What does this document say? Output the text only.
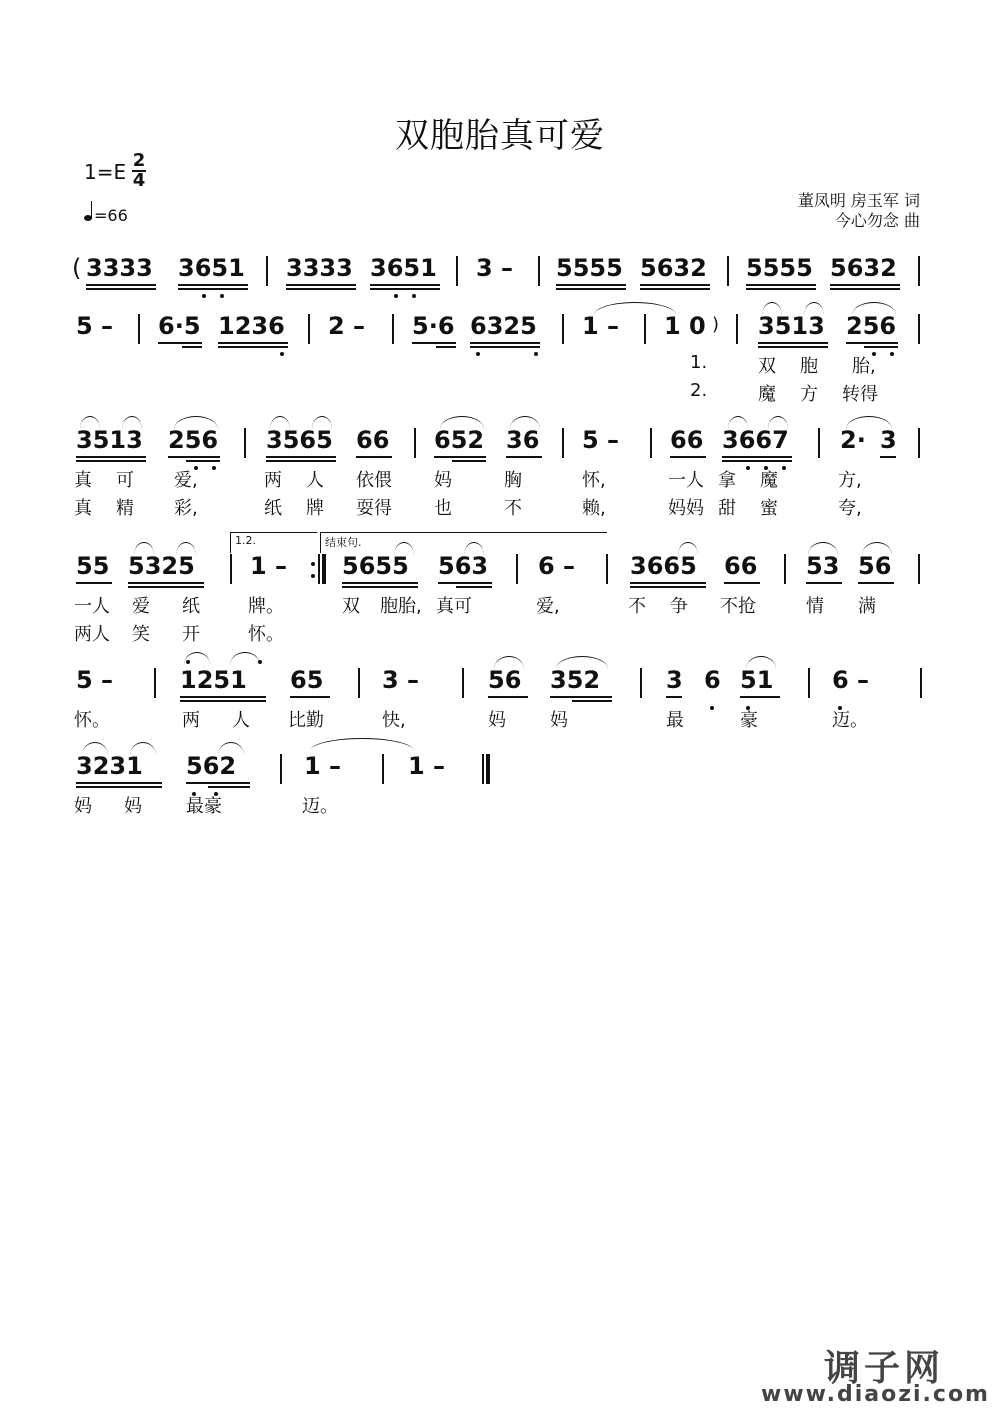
双胞胎真可爱
$1=E \frac{2}{4}$
=66
董凤明 房玉军 词
今心勿念 曲
( 3333 3651 3333 3651 3 – 5555 5632 5555 5632
5 – 6·5 1236 2 – 5·6 6325 1 – 1 0 ) 3513 256
1.	双 胞 胎,
2.	魔 方 转得
3513 256 3565 66 652 36 5 – 66 3667 2· 3
真 可 爱,	两 人 依偎 妈	胸	怀,	一人 拿 魔	方,
真 精 彩,	纸 牌 耍得 也	不	赖,	妈妈 甜 蜜	夸,
1.2.	结束句.
55 5325 1 – 5655 563 6 – 3665 66 53 56
一人 爱 纸	牌。	双 胞胎, 真可	爱,	不 争 不抢	情 满
两人 笑 开	怀。
5 –	1251 65 3 –	56 352	3 6 51 6 –
怀。	两 人 比勤	快,	妈 妈	最	豪	迈。
3231 562	1 –	1 –
妈 妈 最豪	迈。
调子网
www.diaozi.com
